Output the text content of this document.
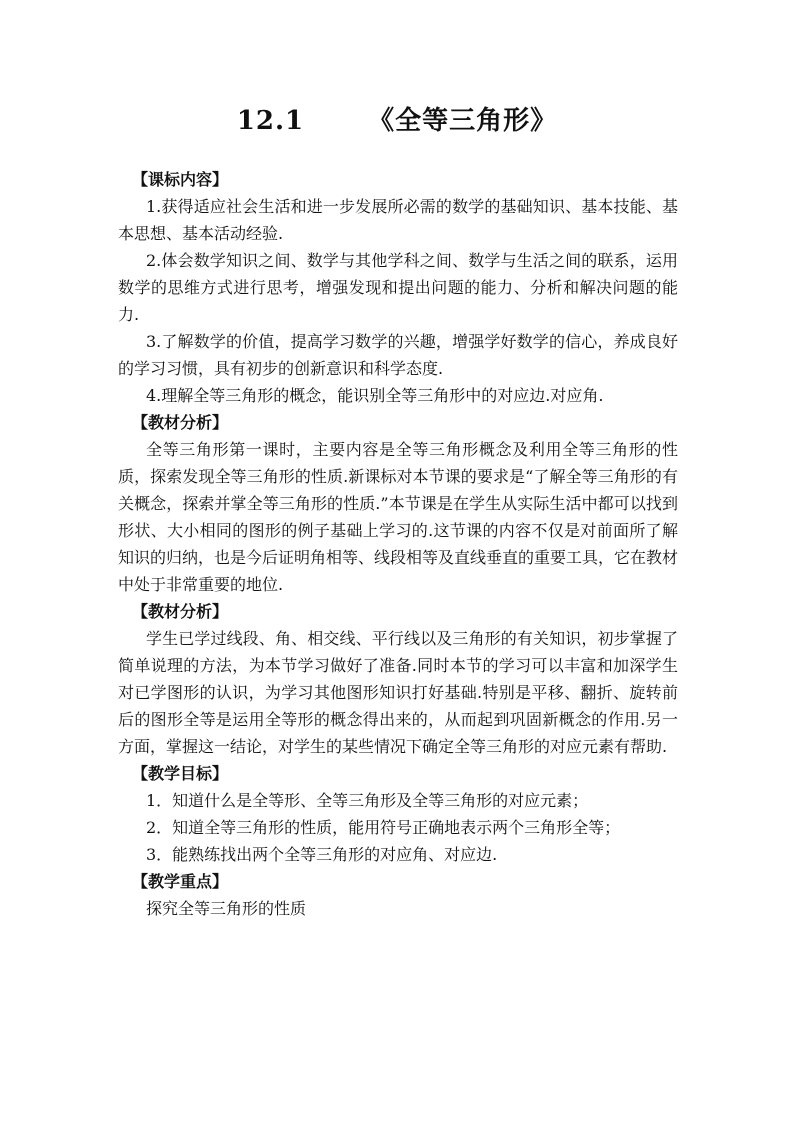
12.1 《全等三角形》

【课标内容】

1.获得适应社会生活和进一步发展所必需的数学的基础知识、基本技能、基本思想、基本活动经验.

2.体会数学知识之间、数学与其他学科之间、数学与生活之间的联系，运用数学的思维方式进行思考，增强发现和提出问题的能力、分析和解决问题的能力.

3.了解数学的价值，提高学习数学的兴趣，增强学好数学的信心，养成良好的学习习惯，具有初步的创新意识和科学态度.

4.理解全等三角形的概念，能识别全等三角形中的对应边.对应角.

【教材分析】

全等三角形第一课时，主要内容是全等三角形概念及利用全等三角形的性质，探索发现全等三角形的性质.新课标对本节课的要求是“了解全等三角形的有关概念，探索并掌全等三角形的性质.”本节课是在学生从实际生活中都可以找到形状、大小相同的图形的例子基础上学习的.这节课的内容不仅是对前面所了解知识的归纳，也是今后证明角相等、线段相等及直线垂直的重要工具，它在教材中处于非常重要的地位.

【教材分析】

学生已学过线段、角、相交线、平行线以及三角形的有关知识，初步掌握了简单说理的方法，为本节学习做好了准备.同时本节的学习可以丰富和加深学生对已学图形的认识，为学习其他图形知识打好基础.特别是平移、翻折、旋转前后的图形全等是运用全等形的概念得出来的，从而起到巩固新概念的作用.另一方面，掌握这一结论，对学生的某些情况下确定全等三角形的对应元素有帮助.

【教学目标】

1．知道什么是全等形、全等三角形及全等三角形的对应元素；

2．知道全等三角形的性质，能用符号正确地表示两个三角形全等；

3．能熟练找出两个全等三角形的对应角、对应边.

【教学重点】

探究全等三角形的性质
